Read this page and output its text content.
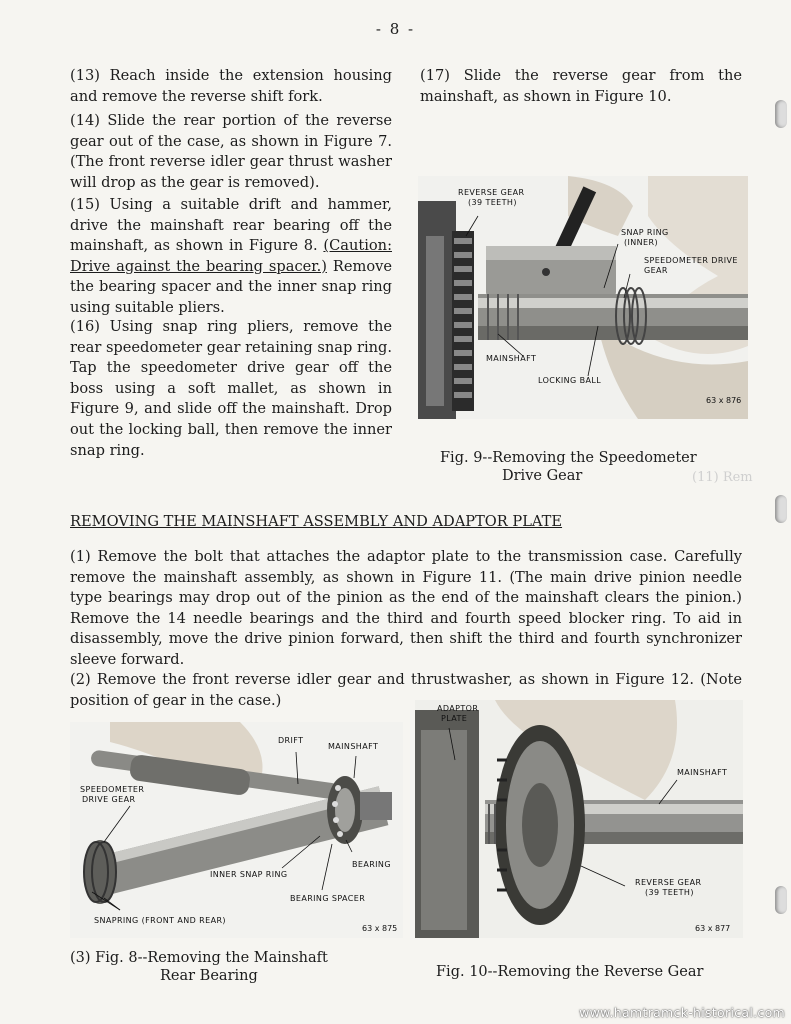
- 8 -

(13) Reach inside the extension housing and remove the reverse shift fork.

(14) Slide the rear portion of the reverse gear out of the case, as shown in Figure 7. (The front reverse idler gear thrust washer will drop as the gear is removed).

(15) Using a suitable drift and hammer, drive the mainshaft rear bearing off the mainshaft, as shown in Figure 8. (Caution: Drive against the bearing spacer.) Remove the bearing spacer and the inner snap ring using suitable pliers.

(16) Using snap ring pliers, remove the rear speedometer gear retaining snap ring. Tap the speedometer drive gear off the boss using a soft mallet, as shown in Figure 9, and slide off the mainshaft. Drop out the locking ball, then remove the inner snap ring.

(17) Slide the reverse gear from the mainshaft, as shown in Figure 10.

REVERSE GEAR
(39 TEETH)
SNAP RING
(INNER)
SPEEDOMETER DRIVE
GEAR
MAINSHAFT
LOCKING BALL
63 x 876
Fig. 9--Removing the Speedometer
Drive Gear	(11) Rem
REMOVING THE MAINSHAFT ASSEMBLY AND ADAPTOR PLATE

(1) Remove the bolt that attaches the adaptor plate to the transmission case. Carefully remove the mainshaft assembly, as shown in Figure 11. (The main drive pinion needle type bearings may drop out of the pinion as the end of the mainshaft clears the pinion.) Remove the 14 needle bearings and the third and fourth speed blocker ring. To aid in disassembly, move the drive pinion forward, then shift the third and fourth synchronizer sleeve forward.

(2) Remove the front reverse idler gear and thrustwasher, as shown in Figure 12. (Note position of gear in the case.)

DRIFT
MAINSHAFT
SPEEDOMETER
DRIVE GEAR
BEARING
INNER SNAP RING
BEARING SPACER
SNAPRING (FRONT AND REAR)
63 x 875
(3) Fig. 8--Removing the Mainshaft
Rear Bearing
ADAPTOR
PLATE
MAINSHAFT
REVERSE GEAR
(39 TEETH)
63 x 877
Fig. 10--Removing the Reverse Gear
www.hamtramck-historical.com
